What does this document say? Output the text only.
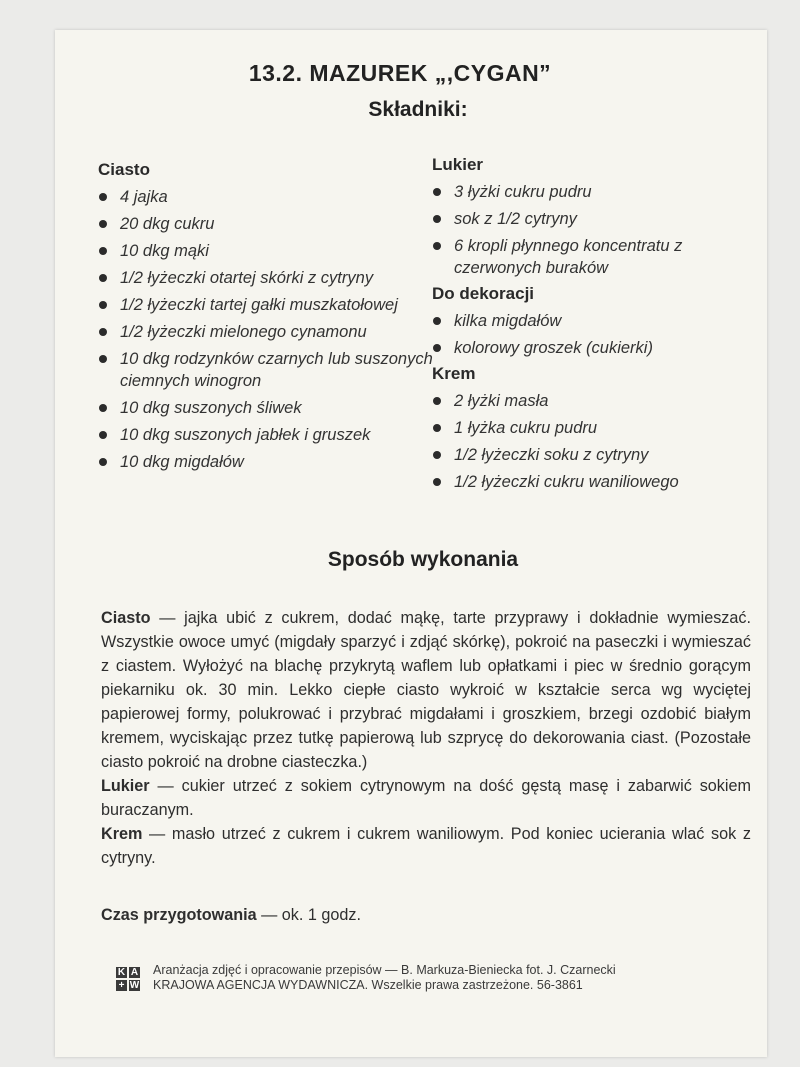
13.2. MAZUREK „,CYGAN”
Składniki:
Ciasto
4 jajka
20 dkg cukru
10 dkg mąki
1/2 łyżeczki otartej skórki z cytryny
1/2 łyżeczki tartej gałki muszkatołowej
1/2 łyżeczki mielonego cynamonu
10 dkg rodzynków czarnych lub suszonych ciemnych winogron
10 dkg suszonych śliwek
10 dkg suszonych jabłek i gruszek
10 dkg migdałów
Lukier
3 łyżki cukru pudru
sok z 1/2 cytryny
6 kropli płynnego koncentratu z czerwonych buraków
Do dekoracji
kilka migdałów
kolorowy groszek (cukierki)
Krem
2 łyżki masła
1 łyżka cukru pudru
1/2 łyżeczki soku z cytryny
1/2 łyżeczki cukru waniliowego
Sposób wykonania

Ciasto — jajka ubić z cukrem, dodać mąkę, tarte przyprawy i dokładnie wymieszać. Wszystkie owoce umyć (migdały sparzyć i zdjąć skórkę), pokroić na paseczki i wymieszać z ciastem. Wyłożyć na blachę przykrytą waflem lub opłatkami i piec w średnio gorącym piekarniku ok. 30 min. Lekko ciepłe ciasto wykroić w kształcie serca wg wyciętej papierowej formy, polukrować i przybrać migdałami i groszkiem, brzegi ozdobić białym kremem, wyciskając przez tutkę papierową lub szprycę do dekorowania ciast. (Pozostałe ciasto pokroić na drobne ciasteczka.)

Lukier — cukier utrzeć z sokiem cytrynowym na dość gęstą masę i zabarwić sokiem buraczanym.

Krem — masło utrzeć z cukrem i cukrem waniliowym. Pod koniec ucierania wlać sok z cytryny.

Czas przygotowania — ok. 1 godz.
K A
+ W
Aranżacja zdjęć i opracowanie przepisów — B. Markuza-Bieniecka fot. J. Czarnecki
KRAJOWA AGENCJA WYDAWNICZA. Wszelkie prawa zastrzeżone. 56-3861
